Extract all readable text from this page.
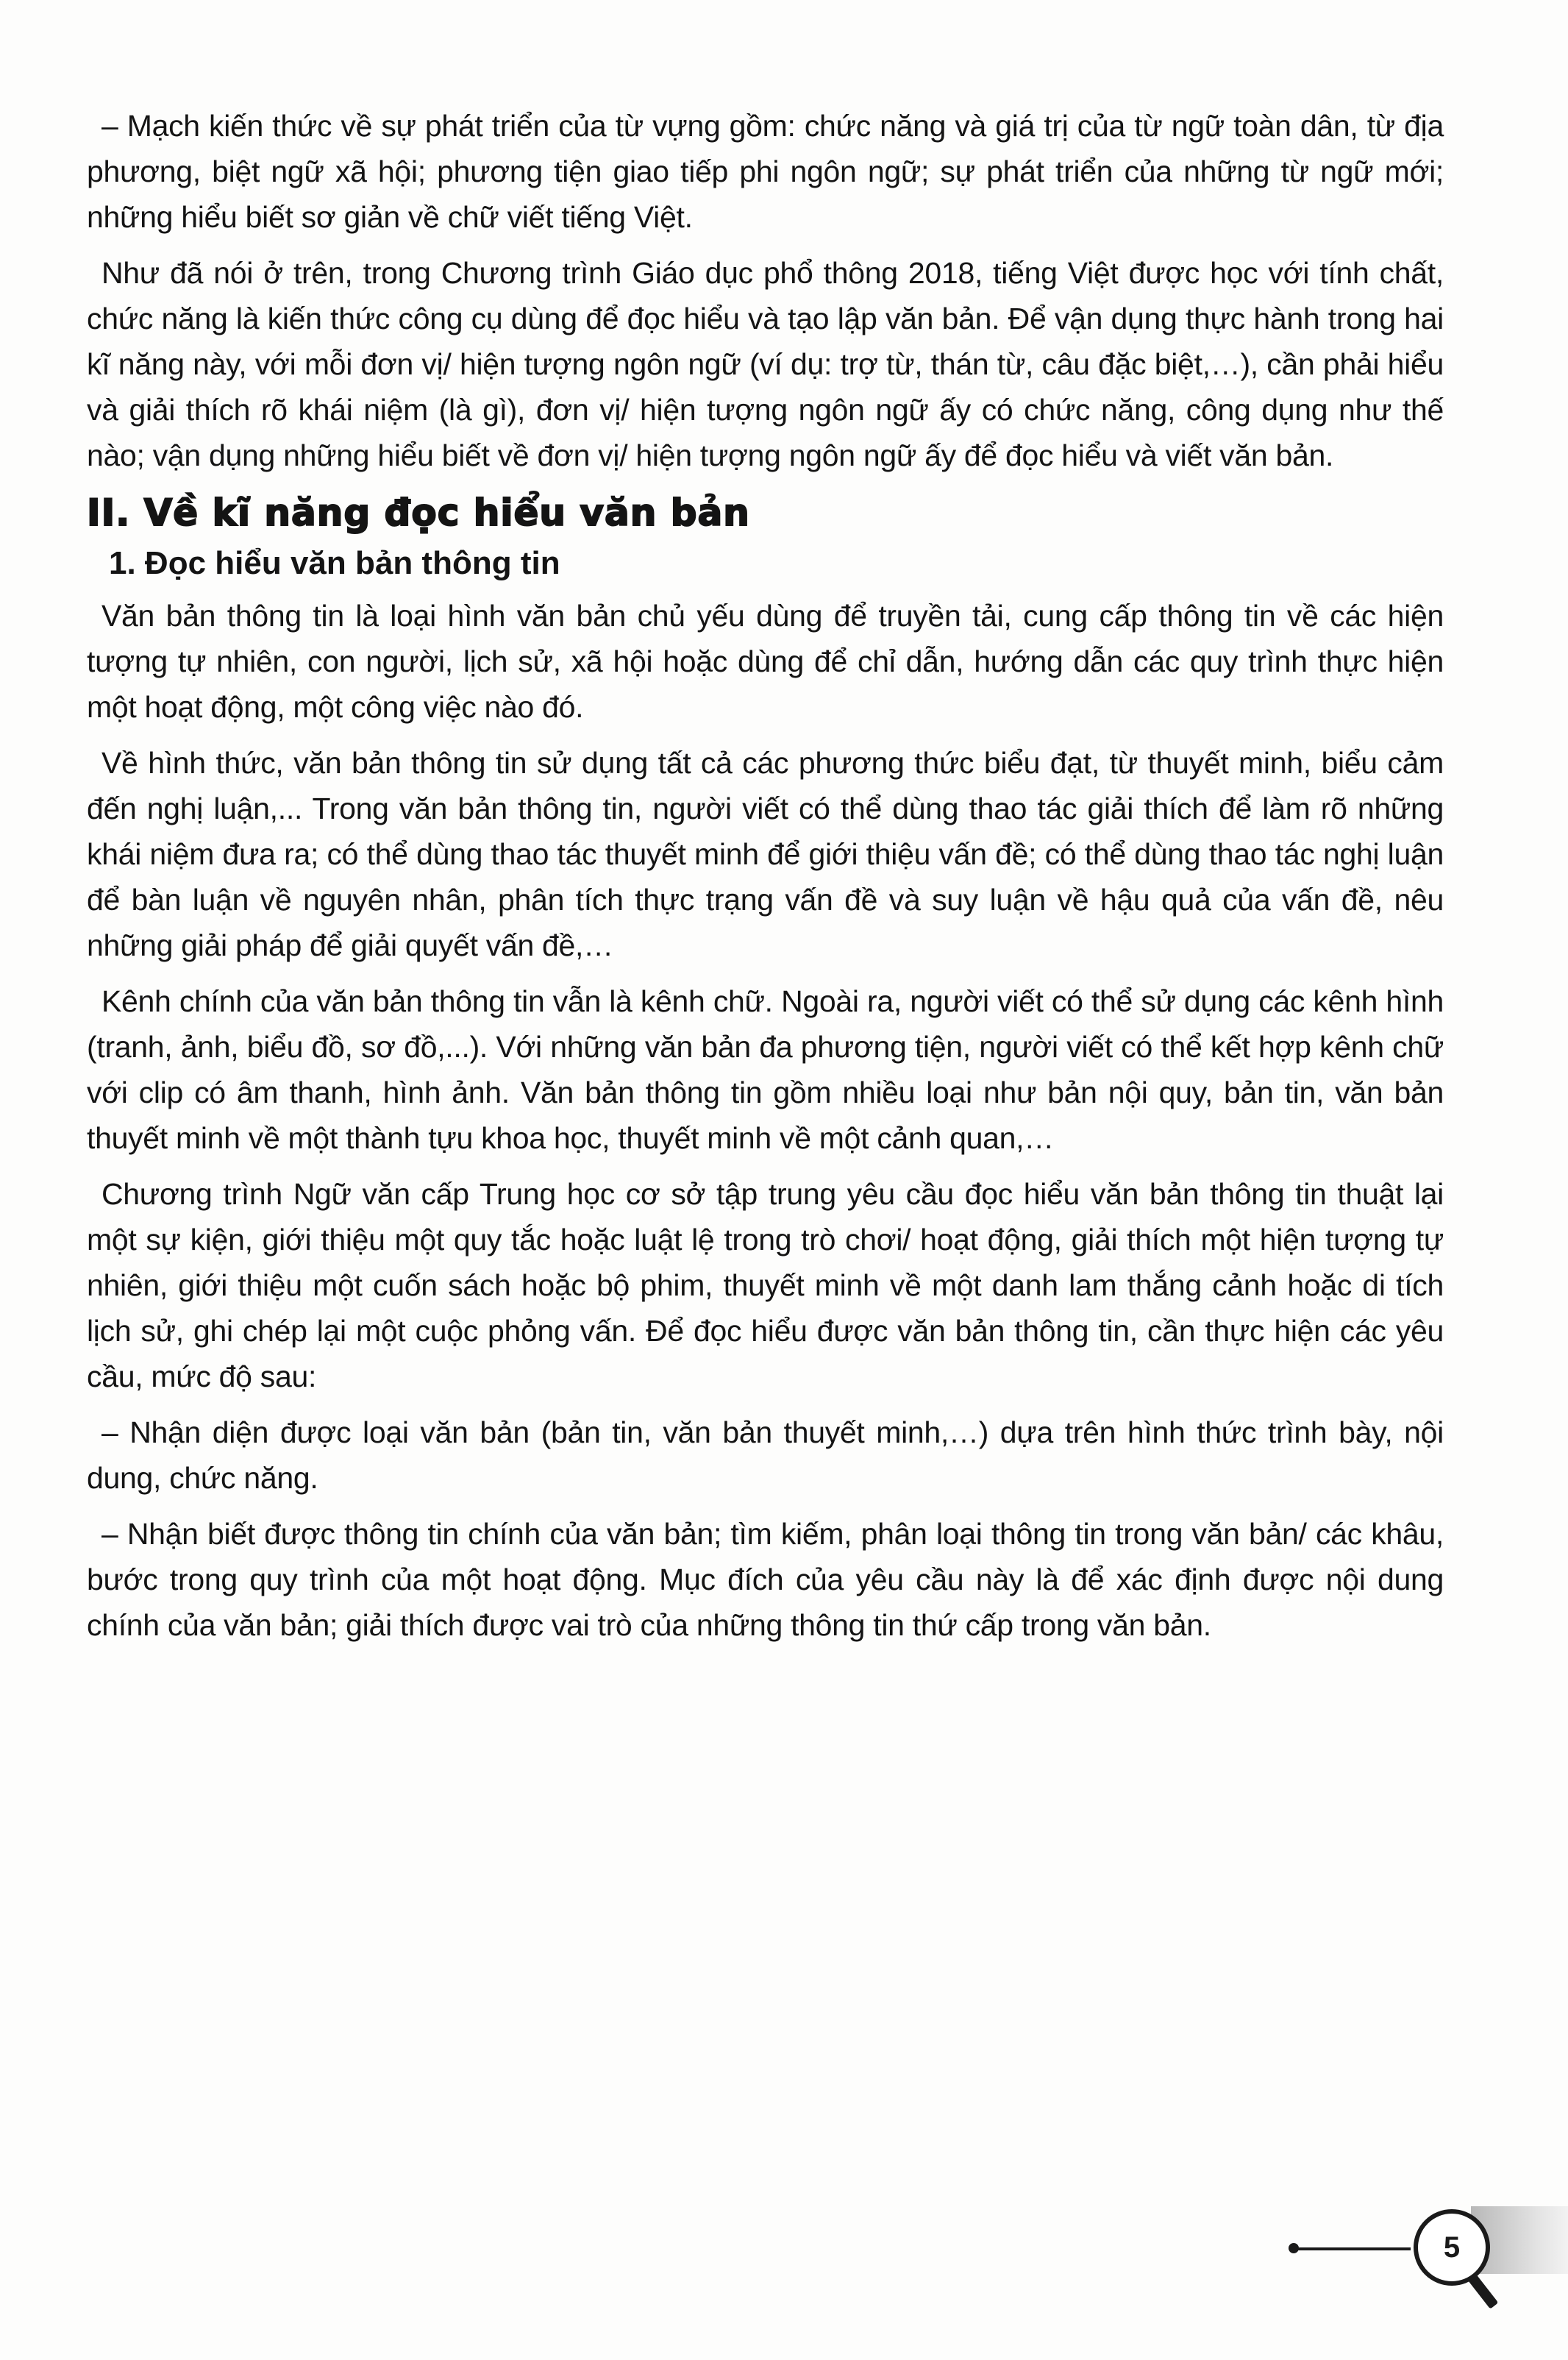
– Mạch kiến thức về sự phát triển của từ vựng gồm: chức năng và giá trị của từ ngữ toàn dân, từ địa phương, biệt ngữ xã hội; phương tiện giao tiếp phi ngôn ngữ; sự phát triển của những từ ngữ mới; những hiểu biết sơ giản về chữ viết tiếng Việt.

Như đã nói ở trên, trong Chương trình Giáo dục phổ thông 2018, tiếng Việt được học với tính chất, chức năng là kiến thức công cụ dùng để đọc hiểu và tạo lập văn bản. Để vận dụng thực hành trong hai kĩ năng này, với mỗi đơn vị/ hiện tượng ngôn ngữ (ví dụ: trợ từ, thán từ, câu đặc biệt,…), cần phải hiểu và giải thích rõ khái niệm (là gì), đơn vị/ hiện tượng ngôn ngữ ấy có chức năng, công dụng như thế nào; vận dụng những hiểu biết về đơn vị/ hiện tượng ngôn ngữ ấy để đọc hiểu và viết văn bản.

II. Về kĩ năng đọc hiểu văn bản
1. Đọc hiểu văn bản thông tin

Văn bản thông tin là loại hình văn bản chủ yếu dùng để truyền tải, cung cấp thông tin về các hiện tượng tự nhiên, con người, lịch sử, xã hội hoặc dùng để chỉ dẫn, hướng dẫn các quy trình thực hiện một hoạt động, một công việc nào đó.

Về hình thức, văn bản thông tin sử dụng tất cả các phương thức biểu đạt, từ thuyết minh, biểu cảm đến nghị luận,... Trong văn bản thông tin, người viết có thể dùng thao tác giải thích để làm rõ những khái niệm đưa ra; có thể dùng thao tác thuyết minh để giới thiệu vấn đề; có thể dùng thao tác nghị luận để bàn luận về nguyên nhân, phân tích thực trạng vấn đề và suy luận về hậu quả của vấn đề, nêu những giải pháp để giải quyết vấn đề,…

Kênh chính của văn bản thông tin vẫn là kênh chữ. Ngoài ra, người viết có thể sử dụng các kênh hình (tranh, ảnh, biểu đồ, sơ đồ,...). Với những văn bản đa phương tiện, người viết có thể kết hợp kênh chữ với clip có âm thanh, hình ảnh. Văn bản thông tin gồm nhiều loại như bản nội quy, bản tin, văn bản thuyết minh về một thành tựu khoa học, thuyết minh về một cảnh quan,…

Chương trình Ngữ văn cấp Trung học cơ sở tập trung yêu cầu đọc hiểu văn bản thông tin thuật lại một sự kiện, giới thiệu một quy tắc hoặc luật lệ trong trò chơi/ hoạt động, giải thích một hiện tượng tự nhiên, giới thiệu một cuốn sách hoặc bộ phim, thuyết minh về một danh lam thắng cảnh hoặc di tích lịch sử, ghi chép lại một cuộc phỏng vấn. Để đọc hiểu được văn bản thông tin, cần thực hiện các yêu cầu, mức độ sau:

– Nhận diện được loại văn bản (bản tin, văn bản thuyết minh,…) dựa trên hình thức trình bày, nội dung, chức năng.

– Nhận biết được thông tin chính của văn bản; tìm kiếm, phân loại thông tin trong văn bản/ các khâu, bước trong quy trình của một hoạt động. Mục đích của yêu cầu này là để xác định được nội dung chính của văn bản; giải thích được vai trò của những thông tin thứ cấp trong văn bản.

5
